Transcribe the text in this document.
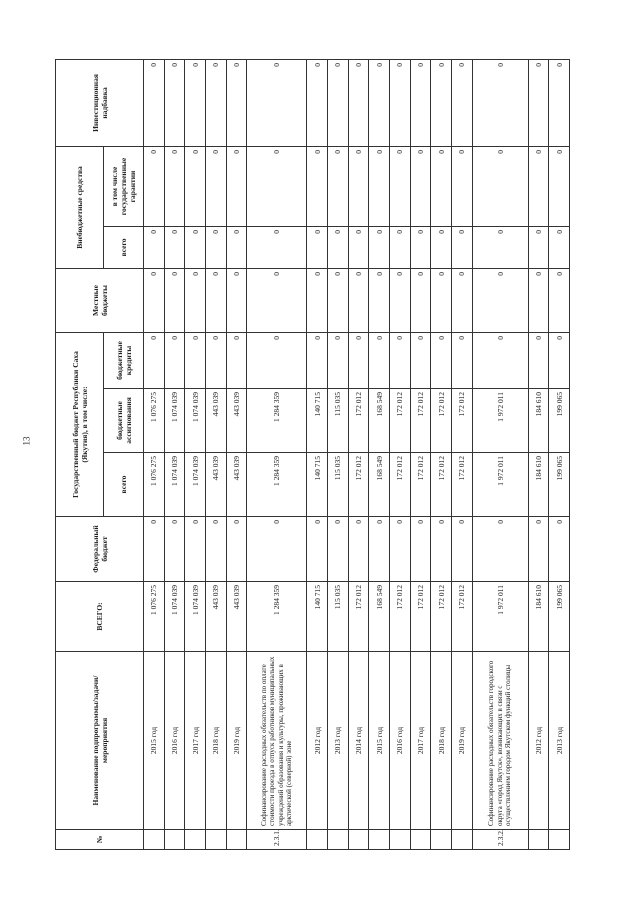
13
№	Наименование подпрограммы/задачи/мероприятия	ВСЕГО:	Федеральный бюджет	Государственный бюджет Республики Саха (Якутия), в том числе:			Местные бюджеты	Внебюджетные средства		Инвестиционная надбавка
				всего	бюджетные ассигнования	бюджетные кредиты		всего	в том числе государственные гарантии	
	2015 год	1 076 275	0	1 076 275	1 076 275	0	0	0	0	0
	2016 год	1 074 039	0	1 074 039	1 074 039	0	0	0	0	0
	2017 год	1 074 039	0	1 074 039	1 074 039	0	0	0	0	0
	2018 год	443 039	0	443 039	443 039	0	0	0	0	0
	2019 год	443 039	0	443 039	443 039	0	0	0	0	0
2.3.1.	Софинансирование расходных обязательств по оплате стоимости проезда в отпуск работников муниципальных учреждений образования и культуры, проживающих в арктической (северной) зоне	1 284 359	0	1 284 359	1 284 359	0	0	0	0	0
	2012 год	140 715	0	140 715	140 715	0	0	0	0	0
	2013 год	115 035	0	115 035	115 035	0	0	0	0	0
	2014 год	172 012	0	172 012	172 012	0	0	0	0	0
	2015 год	168 549	0	168 549	168 549	0	0	0	0	0
	2016 год	172 012	0	172 012	172 012	0	0	0	0	0
	2017 год	172 012	0	172 012	172 012	0	0	0	0	0
	2018 год	172 012	0	172 012	172 012	0	0	0	0	0
	2019 год	172 012	0	172 012	172 012	0	0	0	0	0
2.3.2.	Софинансирование расходных обязательств городского округа «город Якутск», возникающих в связи с осуществлением городом Якутском функций столицы	1 972 011	0	1 972 011	1 972 011	0	0	0	0	0
	2012 год	184 610	0	184 610	184 610	0	0	0	0	0
	2013 год	199 065	0	199 065	199 065	0	0	0	0	0
